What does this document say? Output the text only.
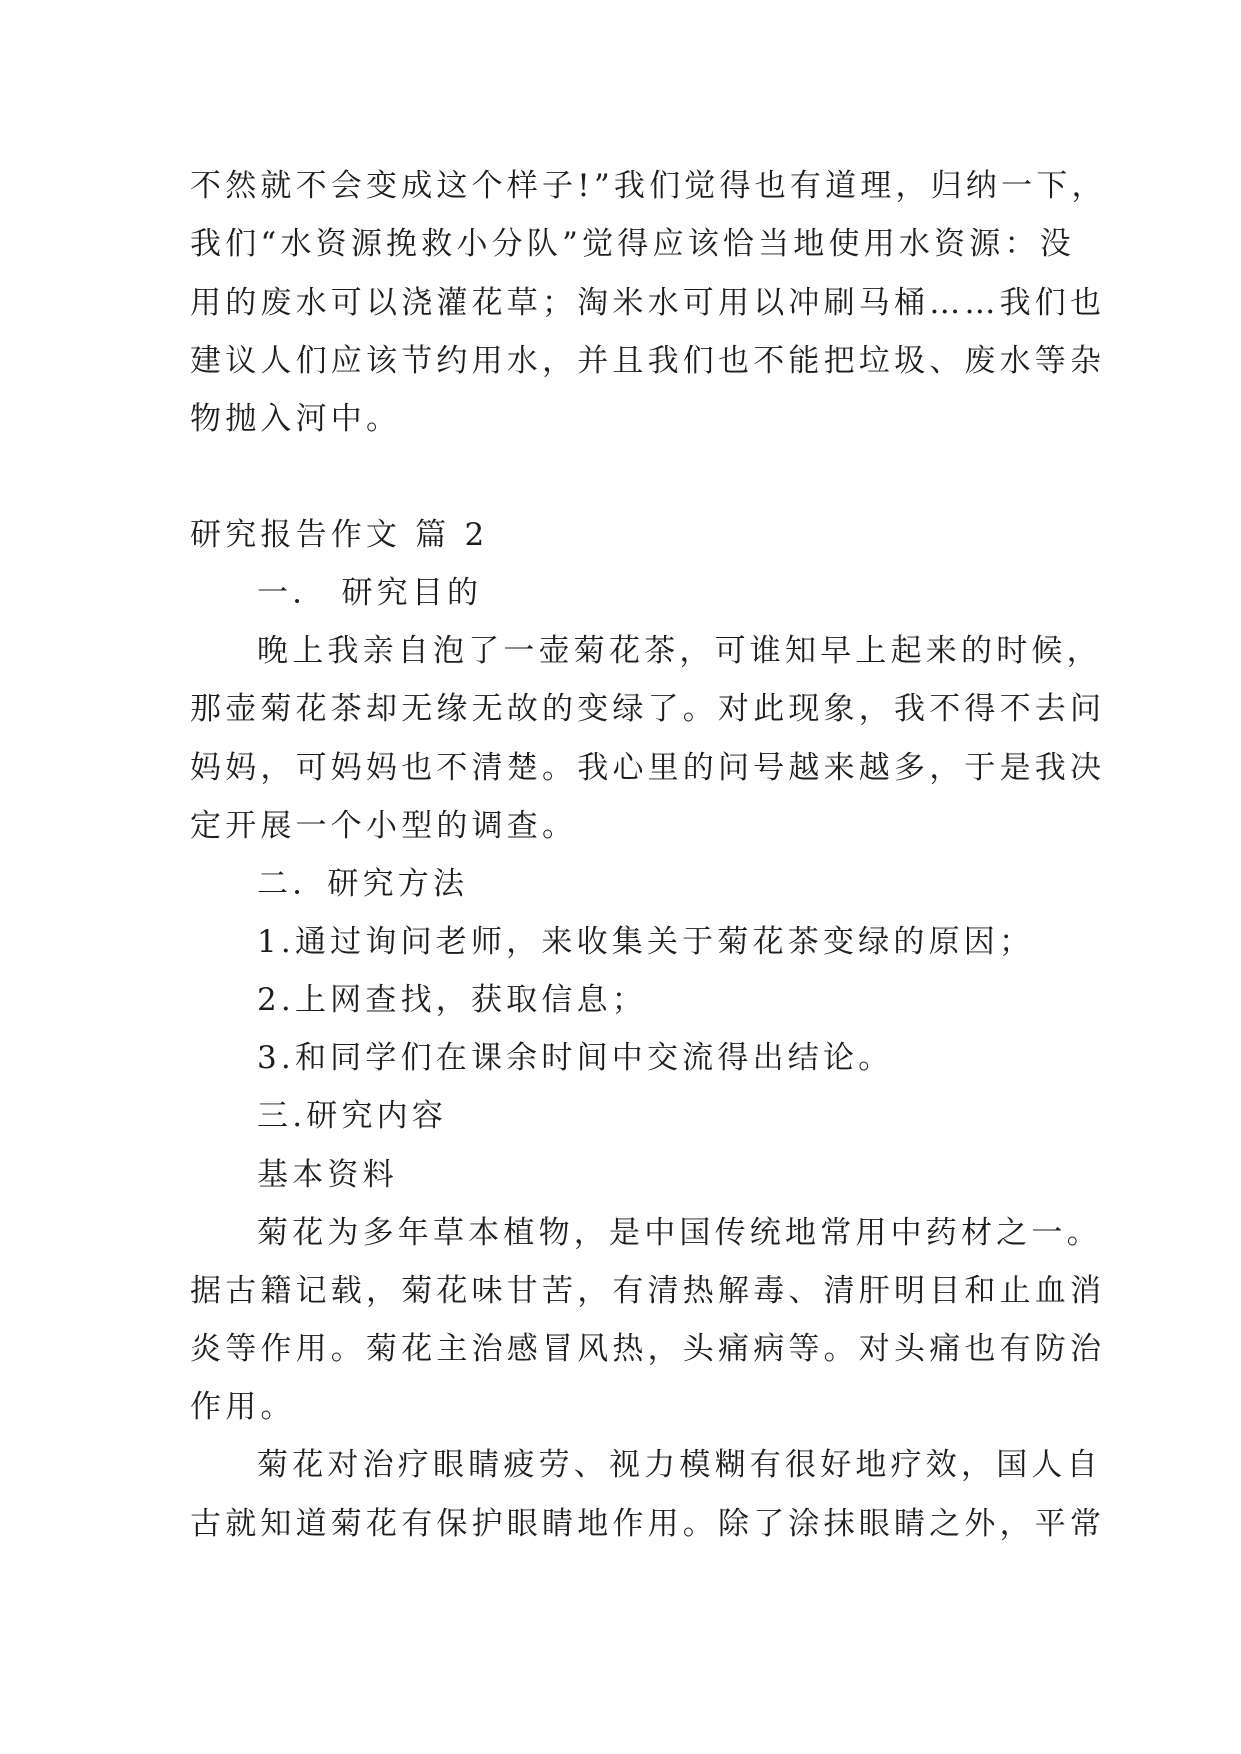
不然就不会变成这个样子!”我们觉得也有道理，归纳一下，
我们“水资源挽救小分队”觉得应该恰当地使用水资源：没
用的废水可以浇灌花草；淘米水可用以冲刷马桶……我们也
建议人们应该节约用水，并且我们也不能把垃圾、废水等杂
物抛入河中。
研究报告作文 篇 2
一． 研究目的
晚上我亲自泡了一壶菊花茶，可谁知早上起来的时候，
那壶菊花茶却无缘无故的变绿了。对此现象，我不得不去问
妈妈，可妈妈也不清楚。我心里的问号越来越多，于是我决
定开展一个小型的调查。
二．研究方法
1.通过询问老师，来收集关于菊花茶变绿的原因；
2.上网查找，获取信息；
3.和同学们在课余时间中交流得出结论。
三.研究内容
基本资料
菊花为多年草本植物，是中国传统地常用中药材之一。
据古籍记载，菊花味甘苦，有清热解毒、清肝明目和止血消
炎等作用。菊花主治感冒风热，头痛病等。对头痛也有防治
作用。
菊花对治疗眼睛疲劳、视力模糊有很好地疗效，国人自
古就知道菊花有保护眼睛地作用。除了涂抹眼睛之外，平常
